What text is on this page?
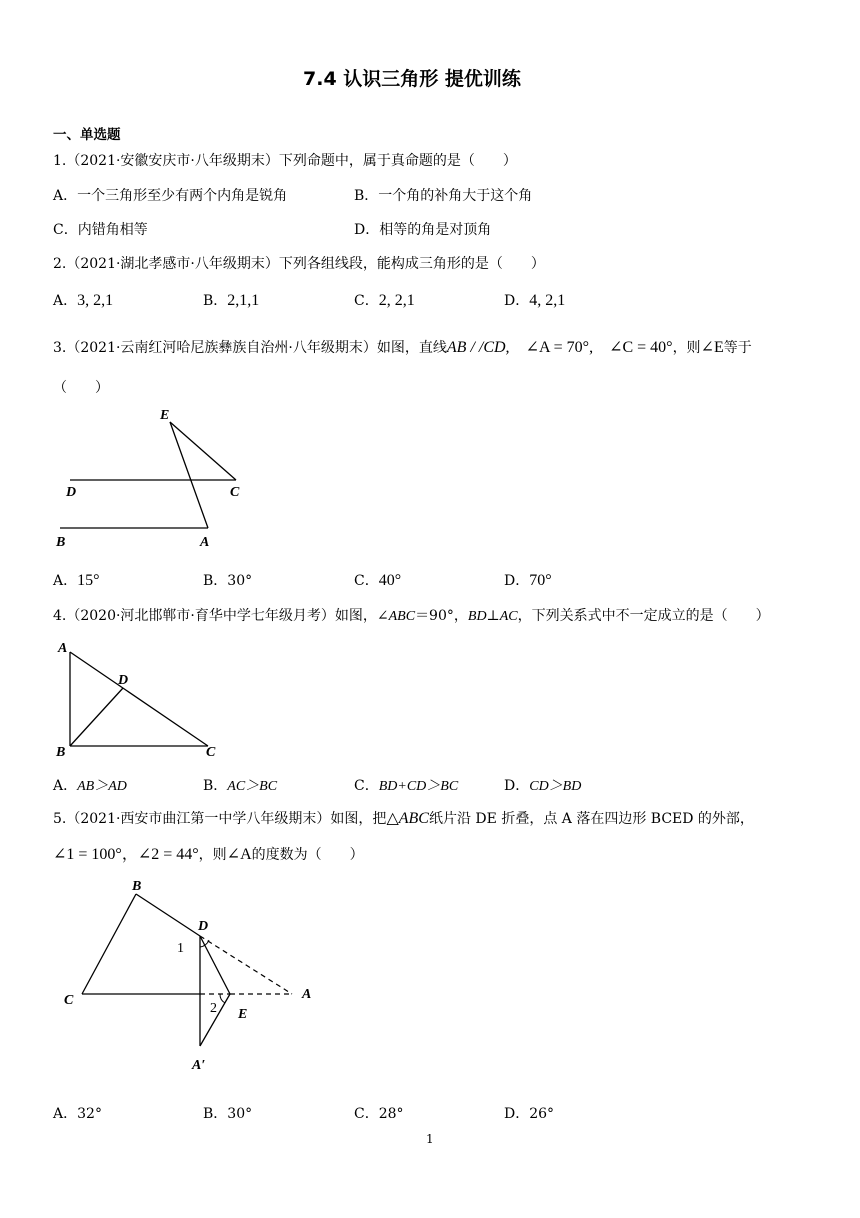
7.4 认识三角形 提优训练
一、单选题
1.（2021·安徽安庆市·八年级期末）下列命题中，属于真命题的是（　　）
A．一个三角形至少有两个内角是锐角	B．一个角的补角大于这个角
C．内错角相等	D．相等的角是对顶角
2.（2021·湖北孝感市·八年级期末）下列各组线段，能构成三角形的是（　　）
A．3, 2,1	B．2,1,1	C．2, 2,1	D．4, 2,1
3.（2021·云南红河哈尼族彝族自治州·八年级期末）如图，直线AB / /CD, ∠A = 70°, ∠C = 40°，则∠E等于
（　　）
E
D	C
B	A
A．15°	B．30°	C．40°	D．70°
4.（2020·河北邯郸市·育华中学七年级月考）如图，∠ABC＝90°，BD⊥AC，下列关系式中不一定成立的是（　　）
A
D
B	C
A．AB＞AD	B．AC＞BC	C．BD+CD＞BC	D．CD＞BD
5.（2021·西安市曲江第一中学八年级期末）如图，把△ABC纸片沿 DE 折叠，点 A 落在四边形 BCED 的外部，
∠1 = 100°，∠2 = 44°，则∠A的度数为（　　）
B
D
1
C
2
A
E
A′
A．32°	B．30°	C．28°	D．26°
1
